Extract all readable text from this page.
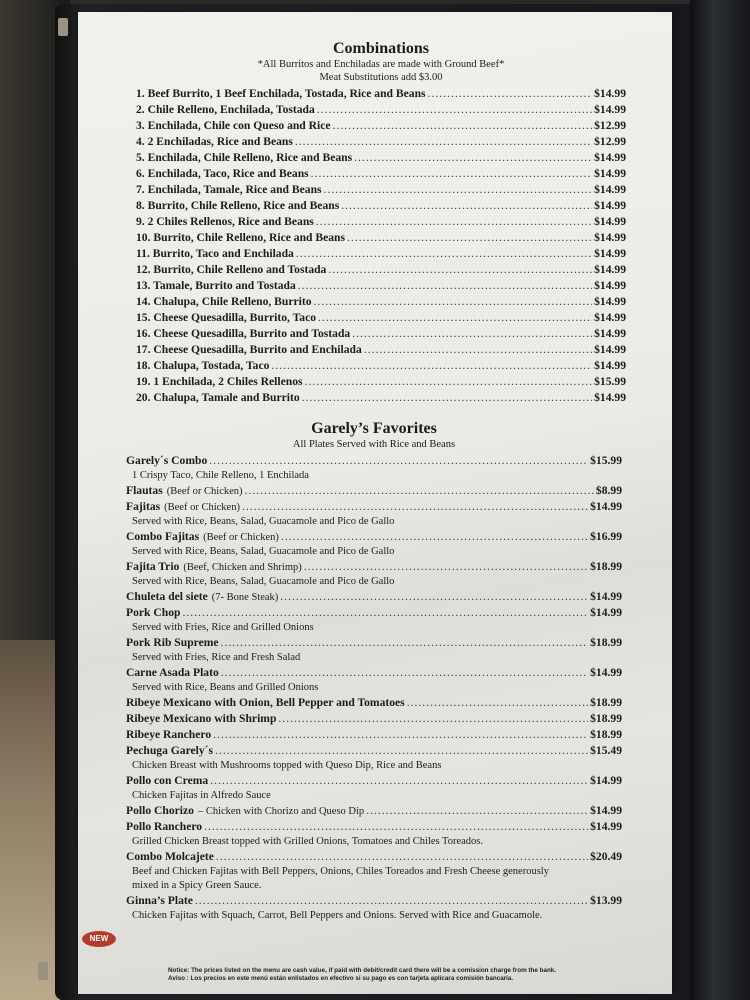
Combinations
*All Burritos and Enchiladas are made with Ground Beef*
Meat Substitutions add $3.00
1. Beef Burrito, 1 Beef Enchilada, Tostada, Rice and Beans .....	$14.99
2. Chile Relleno, Enchilada, Tostada .....	$14.99
3. Enchilada, Chile con Queso and Rice .....	$12.99
4. 2 Enchiladas, Rice and Beans .....	$12.99
5. Enchilada, Chile Relleno, Rice and Beans .....	$14.99
6. Enchilada, Taco, Rice and Beans .....	$14.99
7. Enchilada, Tamale, Rice and Beans .....	$14.99
8. Burrito, Chile Relleno, Rice and Beans .....	$14.99
9. 2 Chiles Rellenos, Rice and Beans .....	$14.99
10. Burrito, Chile Relleno, Rice and Beans .....	$14.99
11. Burrito, Taco and Enchilada .....	$14.99
12. Burrito, Chile Relleno and Tostada .....	$14.99
13. Tamale, Burrito and Tostada .....	$14.99
14. Chalupa, Chile Relleno, Burrito .....	$14.99
15. Cheese Quesadilla, Burrito, Taco .....	$14.99
16. Cheese Quesadilla, Burrito and Tostada .....	$14.99
17. Cheese Quesadilla, Burrito and Enchilada .....	$14.99
18. Chalupa, Tostada, Taco .....	$14.99
19. 1 Enchilada, 2 Chiles Rellenos .....	$15.99
20. Chalupa, Tamale and Burrito .....	$14.99
Garely’s Favorites
All Plates Served with Rice and Beans
Garely´s Combo .....	$15.99
1 Crispy Taco, Chile Relleno, 1 Enchilada
Flautas (Beef or Chicken) .....	$8.99
Fajitas (Beef or Chicken) .....	$14.99
Served with Rice, Beans, Salad, Guacamole and Pico de Gallo
Combo Fajitas (Beef or Chicken) .....	$16.99
Served with Rice, Beans, Salad, Guacamole and Pico de Gallo
Fajita Trio (Beef, Chicken and Shrimp) .....	$18.99
Served with Rice, Beans, Salad, Guacamole and Pico de Gallo
Chuleta del siete (7- Bone Steak) .....	$14.99
Pork Chop .....	$14.99
Served with Fries, Rice and Grilled Onions
Pork Rib Supreme .....	$18.99
Served with Fries, Rice and Fresh Salad
Carne Asada Plato .....	$14.99
Served with Rice, Beans and Grilled Onions
Ribeye Mexicano with Onion, Bell Pepper and Tomatoes .....	$18.99
Ribeye Mexicano with Shrimp .....	$18.99
Ribeye Ranchero .....	$18.99
Pechuga Garely´s .....	$15.49
Chicken Breast with Mushrooms topped with Queso Dip, Rice and Beans
Pollo con Crema .....	$14.99
Chicken Fajitas in Alfredo Sauce
Pollo Chorizo – Chicken with Chorizo and Queso Dip .....	$14.99
Pollo Ranchero .....	$14.99
Grilled Chicken Breast topped with Grilled Onions, Tomatoes and Chiles Toreados.
Combo Molcajete .....	$20.49
Beef and Chicken Fajitas with Bell Peppers, Onions, Chiles Toreados and Fresh Cheese generously
mixed in a Spicy Green Sauce.
Ginna’s Plate .....	$13.99
Chicken Fajitas with Squach, Carrot, Bell Peppers and Onions. Served with Rice and Guacamole.
NEW
Notice: The prices listed on the menu are cash value, if paid with debit/credit card there will be a comission charge from the bank.
Aviso : Los precios en este menú están enlistados en efectivo si su pago es con tarjeta aplicara comisión bancaria.
